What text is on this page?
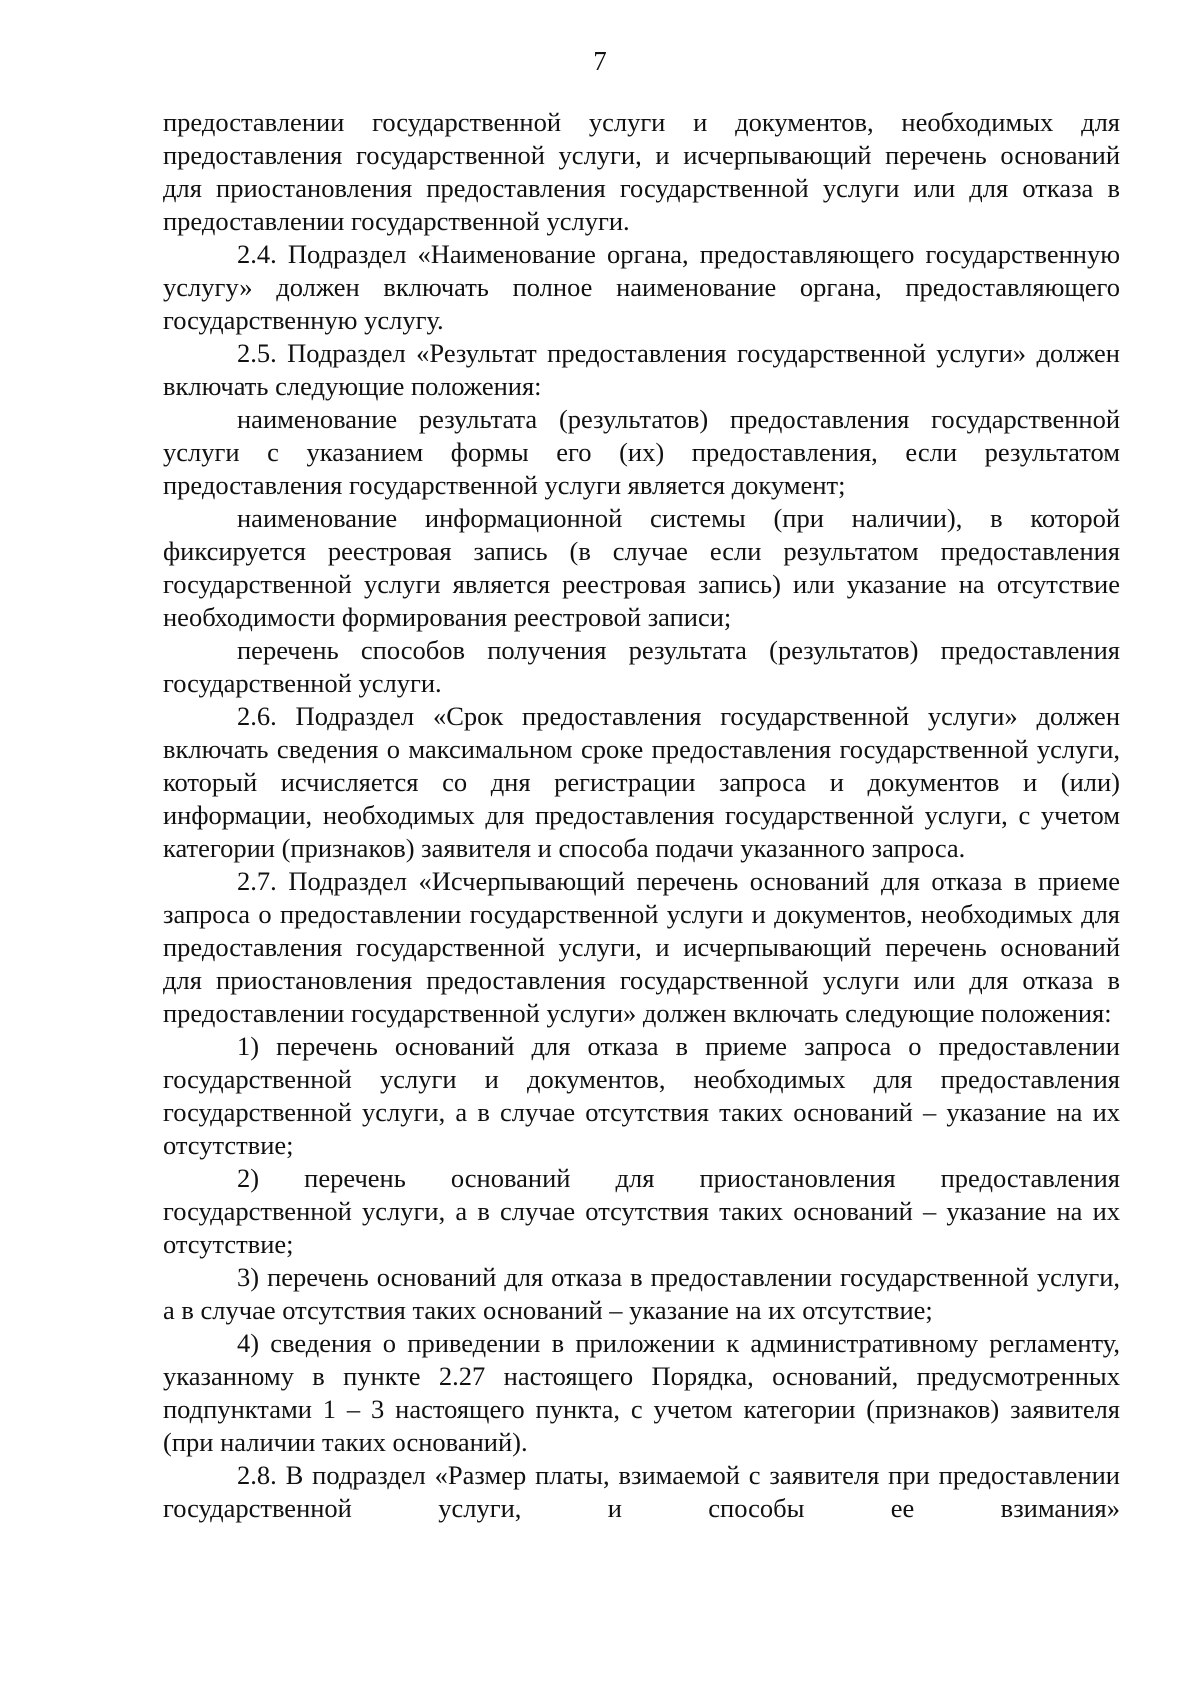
7

предоставлении государственной услуги и документов, необходимых для предоставления государственной услуги, и исчерпывающий перечень оснований для приостановления предоставления государственной услуги или для отказа в предоставлении государственной услуги.

2.4. Подраздел «Наименование органа, предоставляющего государственную услугу» должен включать полное наименование органа, предоставляющего государственную услугу.

2.5. Подраздел «Результат предоставления государственной услуги» должен включать следующие положения:

наименование результата (результатов) предоставления государственной услуги с указанием формы его (их) предоставления, если результатом предоставления государственной услуги является документ;

наименование информационной системы (при наличии), в которой фиксируется реестровая запись (в случае если результатом предоставления государственной услуги является реестровая запись) или указание на отсутствие необходимости формирования реестровой записи;

перечень способов получения результата (результатов) предоставления государственной услуги.

2.6. Подраздел «Срок предоставления государственной услуги» должен включать сведения о максимальном сроке предоставления государственной услуги, который исчисляется со дня регистрации запроса и документов и (или) информации, необходимых для предоставления государственной услуги, с учетом категории (признаков) заявителя и способа подачи указанного запроса.

2.7. Подраздел «Исчерпывающий перечень оснований для отказа в приеме запроса о предоставлении государственной услуги и документов, необходимых для предоставления государственной услуги, и исчерпывающий перечень оснований для приостановления предоставления государственной услуги или для отказа в предоставлении государственной услуги» должен включать следующие положения:

1) перечень оснований для отказа в приеме запроса о предоставлении государственной услуги и документов, необходимых для предоставления государственной услуги, а в случае отсутствия таких оснований – указание на их отсутствие;

2) перечень оснований для приостановления предоставления государственной услуги, а в случае отсутствия таких оснований – указание на их отсутствие;

3) перечень оснований для отказа в предоставлении государственной услуги, а в случае отсутствия таких оснований – указание на их отсутствие;

4) сведения о приведении в приложении к административному регламенту, указанному в пункте 2.27 настоящего Порядка, оснований, предусмотренных подпунктами 1 – 3 настоящего пункта, с учетом категории (признаков) заявителя (при наличии таких оснований).

2.8. В подраздел «Размер платы, взимаемой с заявителя при предоставлении государственной услуги, и способы ее взимания»
